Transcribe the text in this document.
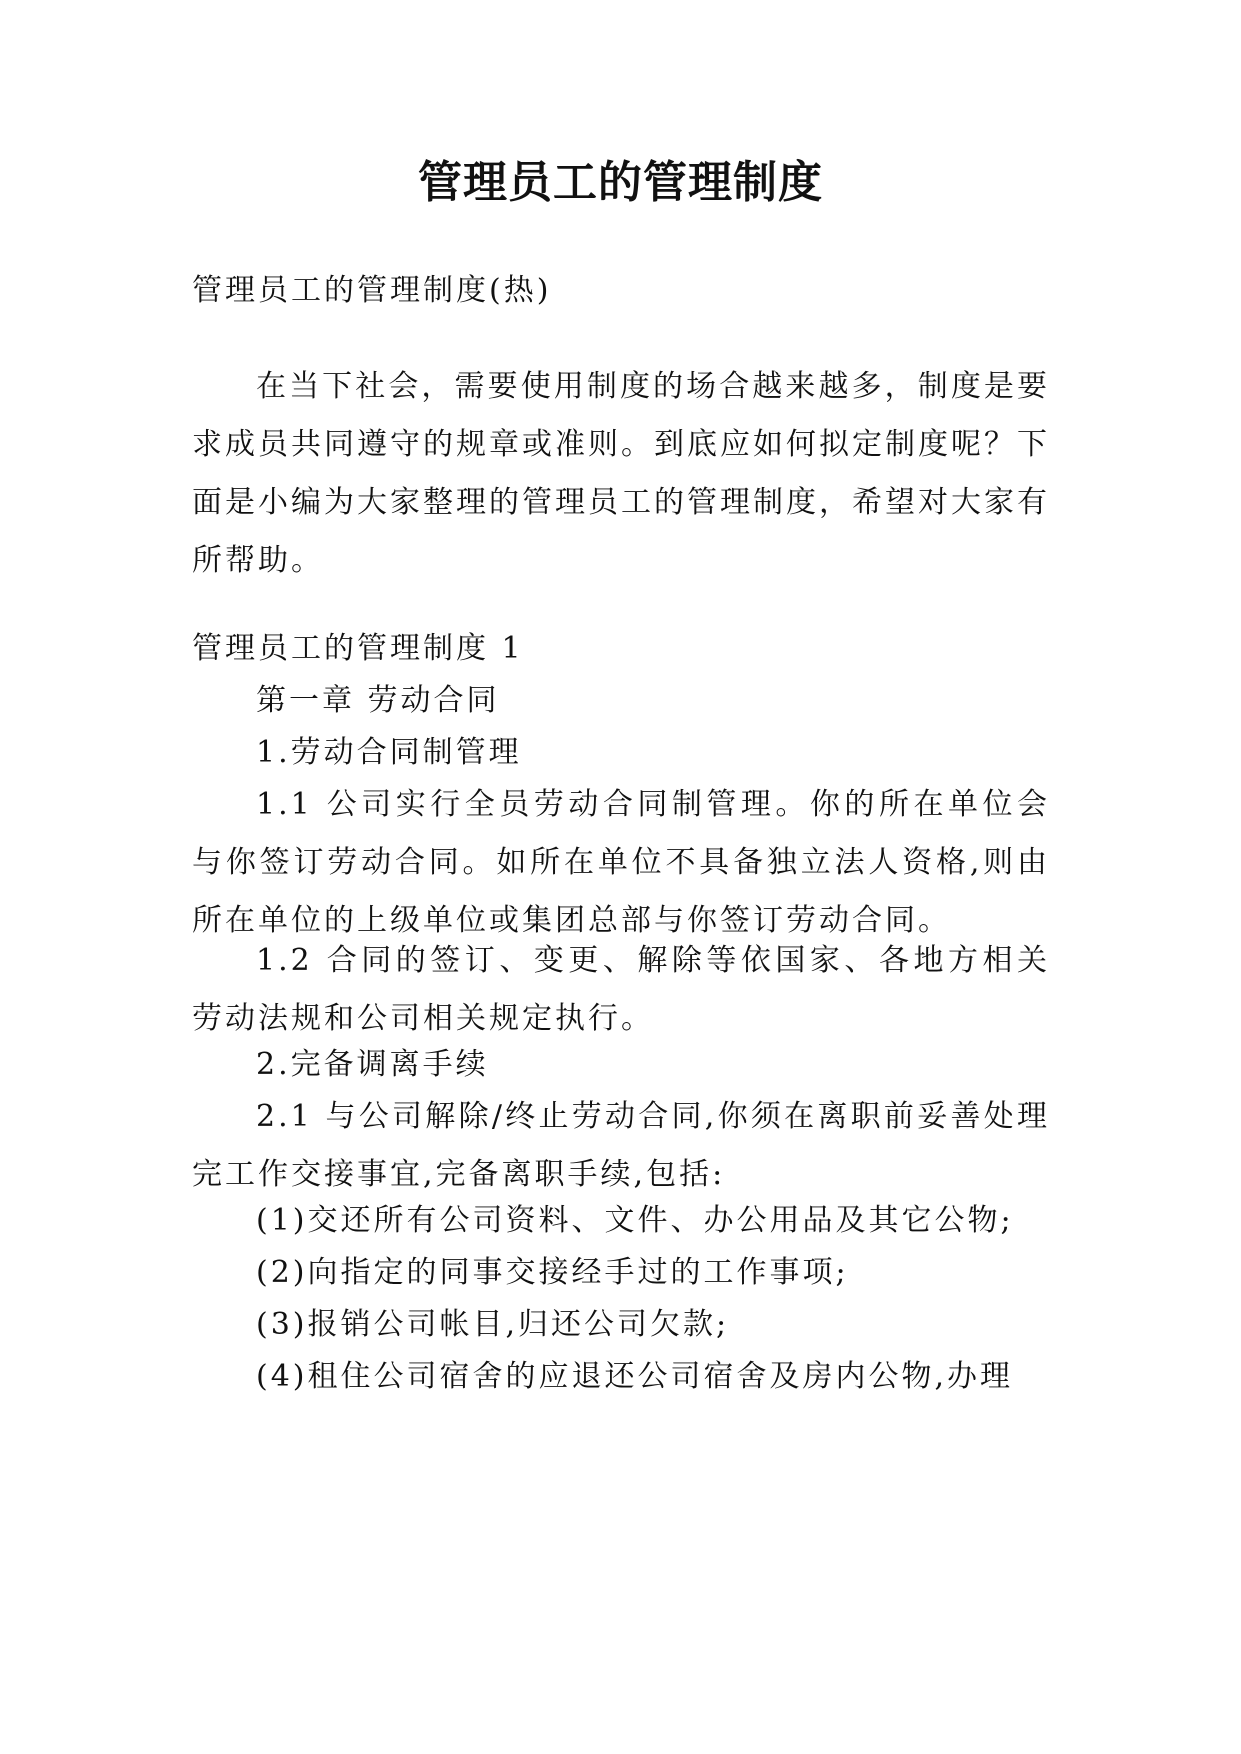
管理员工的管理制度

管理员工的管理制度(热)

在当下社会，需要使用制度的场合越来越多，制度是要求成员共同遵守的规章或准则。到底应如何拟定制度呢？下面是小编为大家整理的管理员工的管理制度，希望对大家有所帮助。

管理员工的管理制度 1

第一章 劳动合同

1.劳动合同制管理

1.1 公司实行全员劳动合同制管理。你的所在单位会与你签订劳动合同。如所在单位不具备独立法人资格,则由所在单位的上级单位或集团总部与你签订劳动合同。

1.2 合同的签订、变更、解除等依国家、各地方相关劳动法规和公司相关规定执行。

2.完备调离手续

2.1 与公司解除/终止劳动合同,你须在离职前妥善处理完工作交接事宜,完备离职手续,包括:

(1)交还所有公司资料、文件、办公用品及其它公物;

(2)向指定的同事交接经手过的工作事项;

(3)报销公司帐目,归还公司欠款;

(4)租住公司宿舍的应退还公司宿舍及房内公物,办理
